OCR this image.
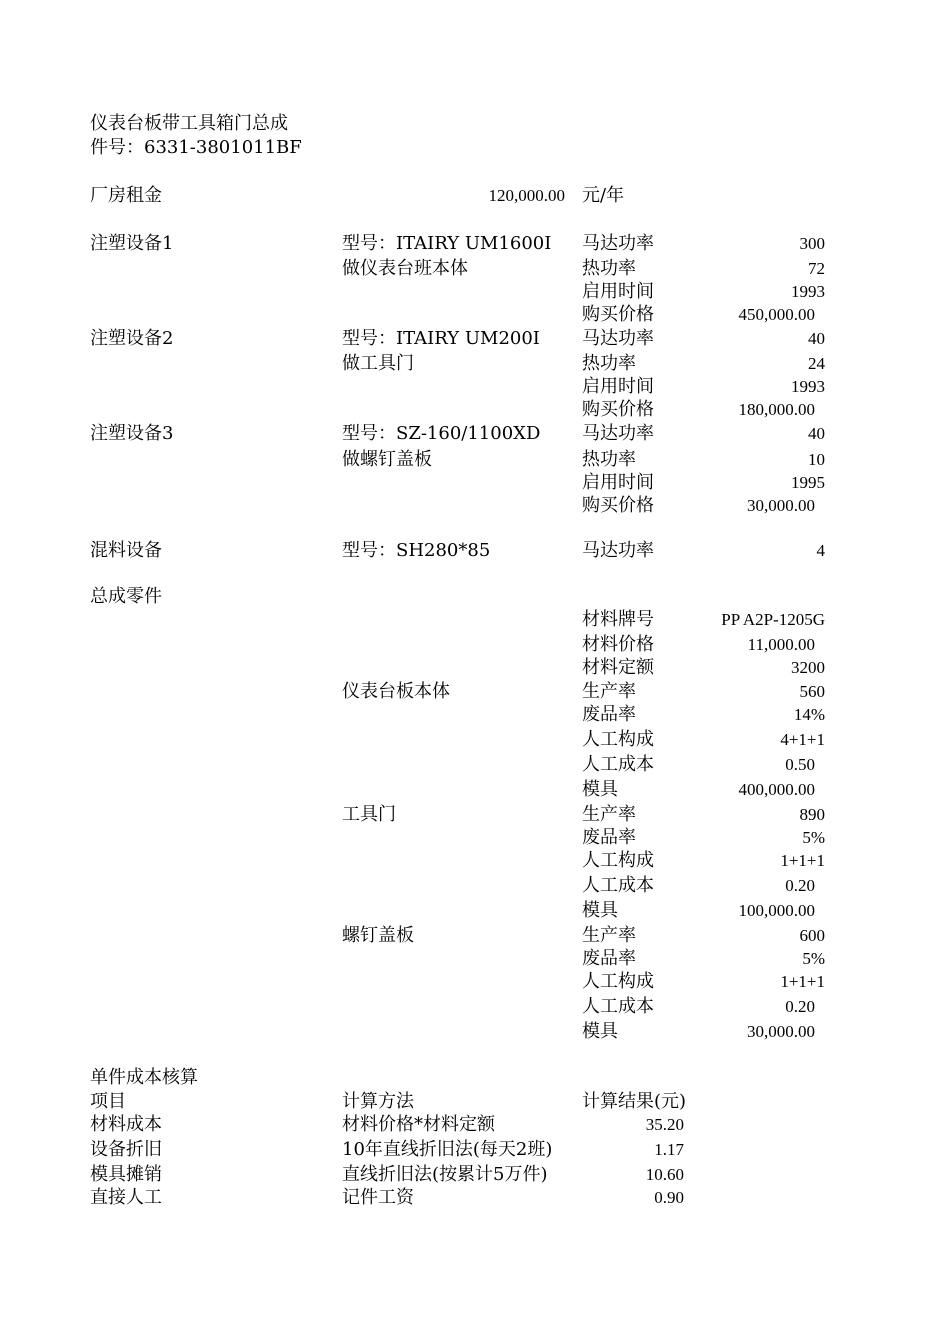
仪表台板带工具箱门总成
件号：6331-3801011BF
厂房租金	120,000.00 元/年
注塑设备1	型号：ITAIRY UM1600I
做仪表台班本体
马达功率	300
热功率	72
启用时间	1993
购买价格	450,000.00
注塑设备2	型号：ITAIRY UM200I
做工具门
马达功率	40
热功率	24
启用时间	1993
购买价格	180,000.00
注塑设备3	型号：SZ-160/1100XD
做螺钉盖板
马达功率	40
热功率	10
启用时间	1995
购买价格	30,000.00
混料设备	型号：SH280*85	马达功率	4
总成零件
材料牌号	PP A2P-1205G
材料价格	11,000.00
材料定额	3200
仪表台板本体	生产率	560
废品率	14%
人工构成	4+1+1
人工成本	0.50
模具	400,000.00
工具门	生产率	890
废品率	5%
人工构成	1+1+1
人工成本	0.20
模具	100,000.00
螺钉盖板	生产率	600
废品率	5%
人工构成	1+1+1
人工成本	0.20
模具	30,000.00
单件成本核算
项目	计算方法	计算结果(元)
材料成本	材料价格*材料定额	35.20
设备折旧	10年直线折旧法(每天2班)	1.17
模具摊销	直线折旧法(按累计5万件)	10.60
直接人工	记件工资	0.90
